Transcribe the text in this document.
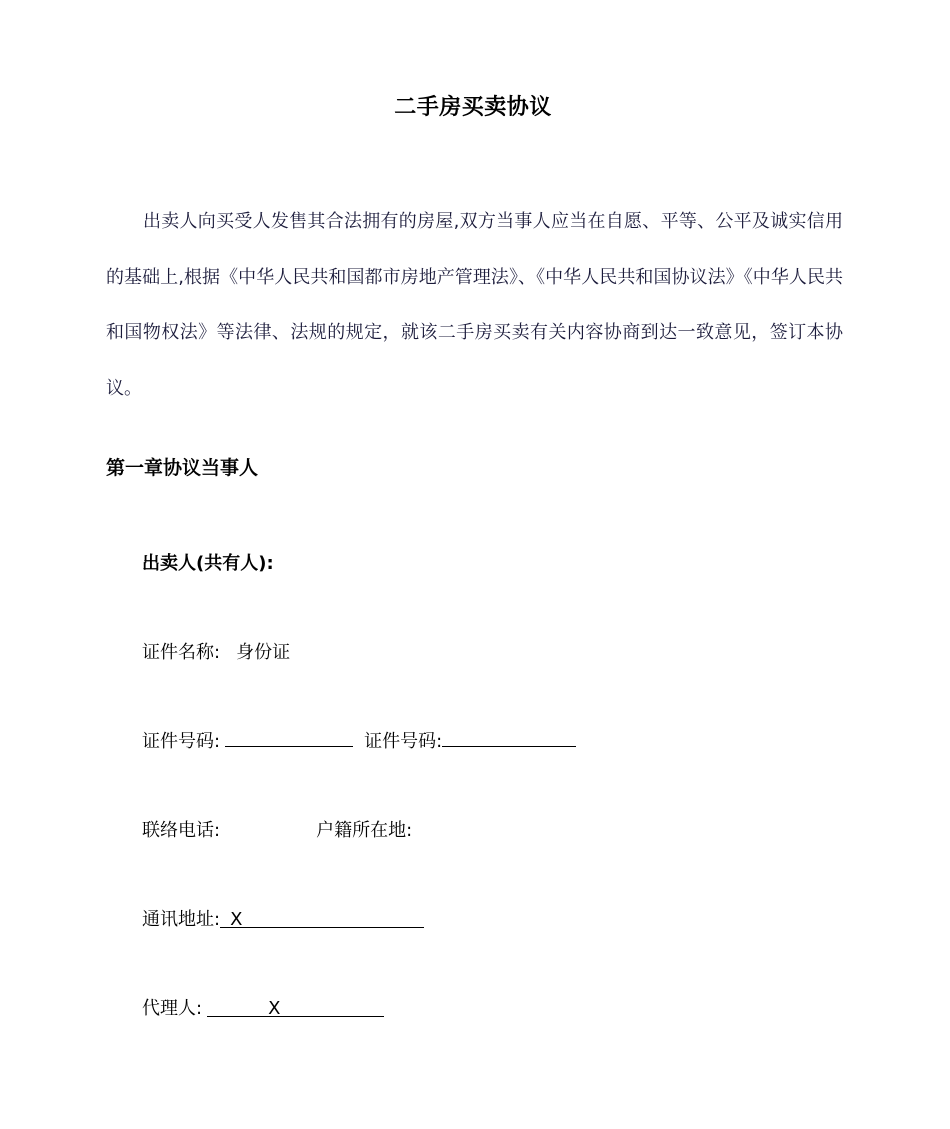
二手房买卖协议

出卖人向买受人发售其合法拥有的房屋,双方当事人应当在自愿、平等、公平及诚实信用的基础上,根据《中华人民共和国都市房地产管理法》、《中华人民共和国协议法》《中华人民共和国物权法》等法律、法规的规定，就该二手房买卖有关内容协商到达一致意见，签订本协议。

第一章协议当事人
出卖人(共有人):
证件名称: 身份证
证件号码:	证件号码:
联络电话:	户籍所在地:
通讯地址: X
代理人:	X
